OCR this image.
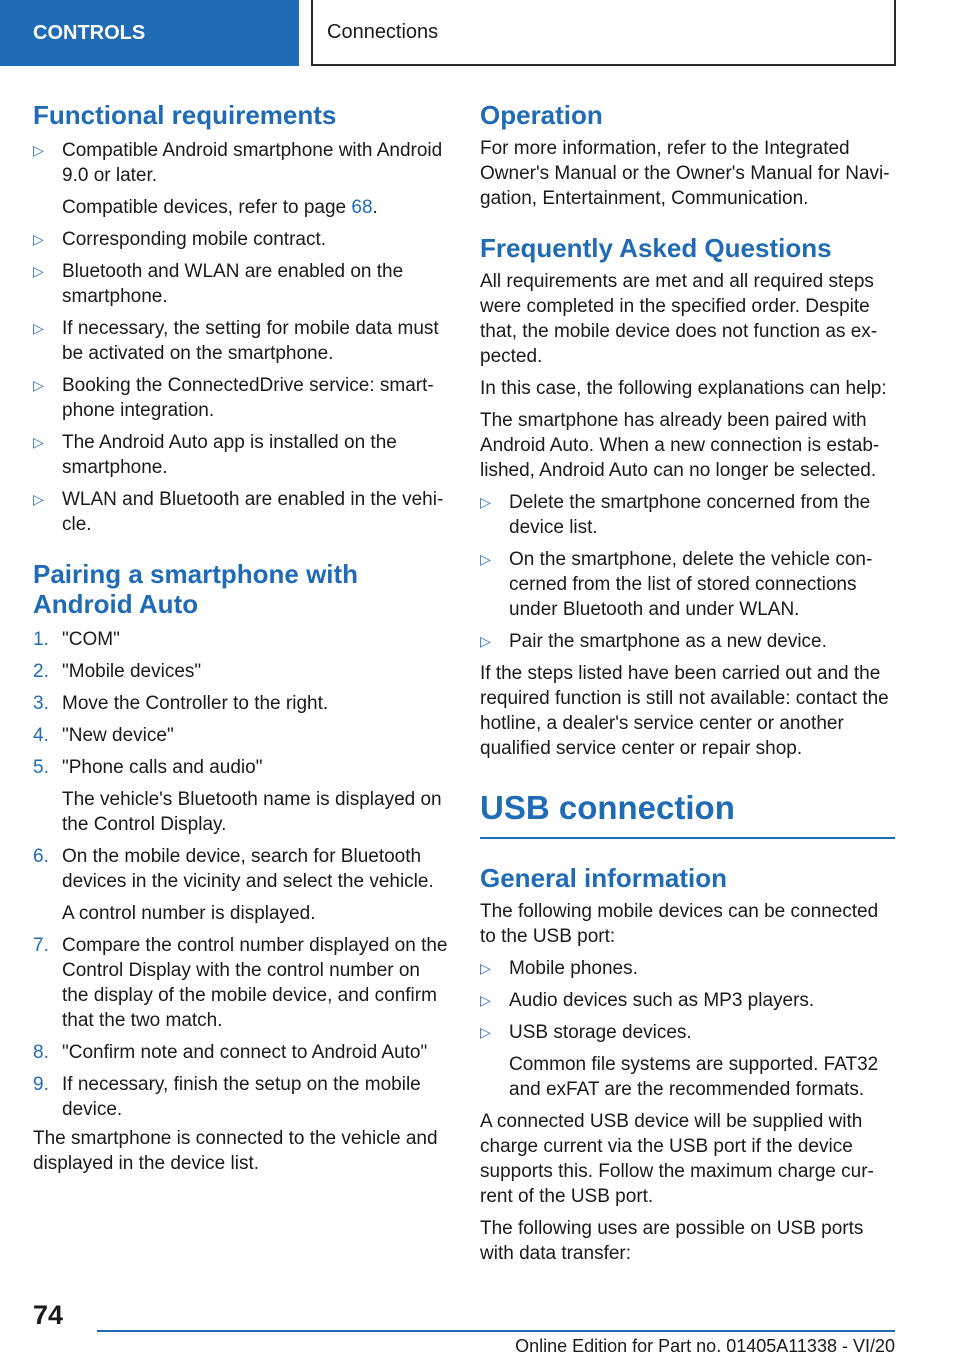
CONTROLS	Connections
Functional requirements
▷ Compatible Android smartphone with Android 9.0 or later.
Compatible devices, refer to page 68.
▷ Corresponding mobile contract.
▷ Bluetooth and WLAN are enabled on the smartphone.
▷ If necessary, the setting for mobile data must be activated on the smartphone.
▷ Booking the ConnectedDrive service: smartphone integration.
▷ The Android Auto app is installed on the smartphone.
▷ WLAN and Bluetooth are enabled in the vehicle.
Pairing a smartphone with Android Auto
1. "COM"
2. "Mobile devices"
3. Move the Controller to the right.
4. "New device"
5. "Phone calls and audio"
The vehicle's Bluetooth name is displayed on the Control Display.
6. On the mobile device, search for Bluetooth devices in the vicinity and select the vehicle.
A control number is displayed.
7. Compare the control number displayed on the Control Display with the control number on the display of the mobile device, and confirm that the two match.
8. "Confirm note and connect to Android Auto"
9. If necessary, finish the setup on the mobile device.

The smartphone is connected to the vehicle and displayed in the device list.

Operation

For more information, refer to the Integrated Owner's Manual or the Owner's Manual for Navigation, Entertainment, Communication.

Frequently Asked Questions

All requirements are met and all required steps were completed in the specified order. Despite that, the mobile device does not function as expected.

In this case, the following explanations can help:

The smartphone has already been paired with Android Auto. When a new connection is established, Android Auto can no longer be selected.

▷ Delete the smartphone concerned from the device list.
▷ On the smartphone, delete the vehicle concerned from the list of stored connections under Bluetooth and under WLAN.
▷ Pair the smartphone as a new device.

If the steps listed have been carried out and the required function is still not available: contact the hotline, a dealer's service center or another qualified service center or repair shop.

USB connection
General information

The following mobile devices can be connected to the USB port:

▷ Mobile phones.
▷ Audio devices such as MP3 players.
▷ USB storage devices.
Common file systems are supported. FAT32 and exFAT are the recommended formats.

A connected USB device will be supplied with charge current via the USB port if the device supports this. Follow the maximum charge current of the USB port.

The following uses are possible on USB ports with data transfer:

74
Online Edition for Part no. 01405A11338 - VI/20
